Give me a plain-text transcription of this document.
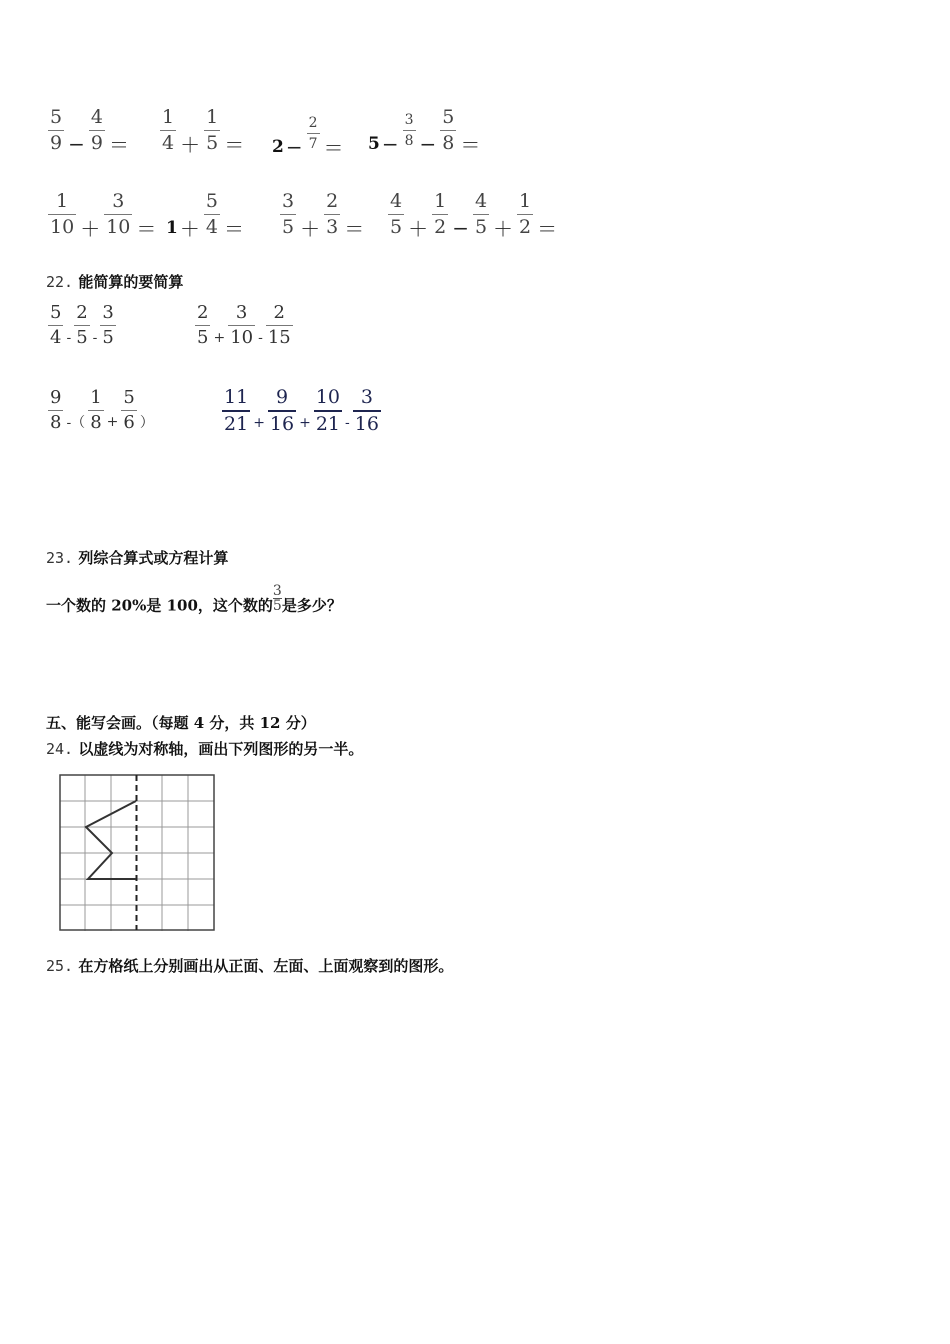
$\frac{5}{9} - \frac{4}{9} = \frac{1}{4} + \frac{1}{5} = 2 - \frac{2}{7} = 5 - \frac{3}{8} - \frac{5}{8}$ ＝
$\frac{1}{10} + \frac{3}{10} = 1 + \frac{5}{4} = \frac{3}{5} + \frac{2}{3} = \frac{4}{5} + \frac{1}{2} - \frac{4}{5} + \frac{1}{2}$ ＝
22. 能简算的要简算
$\frac{5}{4} - \frac{2}{5} - \frac{3}{5}$	$\frac{2}{5} + \frac{3}{10} - \frac{2}{15}$
$\frac{9}{8}$ -（ $\frac{1}{8} + \frac{5}{6}$ ）	$\frac{11}{21} + \frac{9}{16} + \frac{10}{21} - \frac{3}{16}$
23. 列综合算式或方程计算
一个数的 20%是 100，这个数的 $\frac{3}{5}$ 是多少？
五、能写会画。（每题 4 分，共 12 分）
24. 以虚线为对称轴，画出下列图形的另一半。
25. 在方格纸上分别画出从正面、左面、上面观察到的图形。
